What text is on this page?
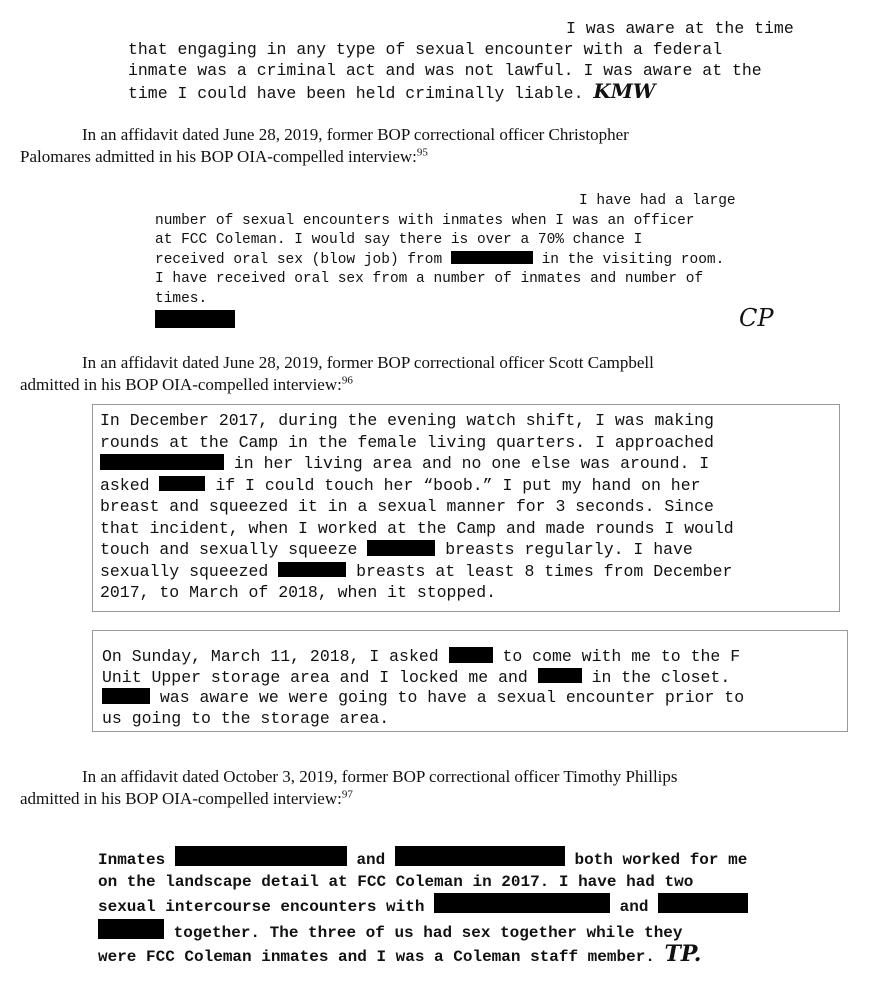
I was aware at the time
that engaging in any type of sexual encounter with a federal
inmate was a criminal act and was not lawful. I was aware at the
time I could have been held criminally liable. KMW

In an affidavit dated June 28, 2019, former BOP correctional officer Christopher

Palomares admitted in his BOP OIA-compelled interview:$^{95}$

I have had a large
number of sexual encounters with inmates when I was an officer
at FCC Coleman. I would say there is over a 70% chance I
received oral sex (blow job) from	in the visiting room.
I have received oral sex from a number of inmates and number of
times.
CP

In an affidavit dated June 28, 2019, former BOP correctional officer Scott Campbell

admitted in his BOP OIA-compelled interview:$^{96}$

In December 2017, during the evening watch shift, I was making
rounds at the Camp in the female living quarters. I approached
in her living area and no one else was around. I
asked	if I could touch her “boob.” I put my hand on her
breast and squeezed it in a sexual manner for 3 seconds. Since
that incident, when I worked at the Camp and made rounds I would
touch and sexually squeeze	breasts regularly. I have
sexually squeezed	breasts at least 8 times from December
2017, to March of 2018, when it stopped.
On Sunday, March 11, 2018, I asked	to come with me to the F
Unit Upper storage area and I locked me and	in the closet.
was aware we were going to have a sexual encounter prior to
us going to the storage area.

In an affidavit dated October 3, 2019, former BOP correctional officer Timothy Phillips

admitted in his BOP OIA-compelled interview:$^{97}$

Inmates	and	both worked for me
on the landscape detail at FCC Coleman in 2017. I have had two
sexual intercourse encounters with	and
together. The three of us had sex together while they
were FCC Coleman inmates and I was a Coleman staff member. TP.
